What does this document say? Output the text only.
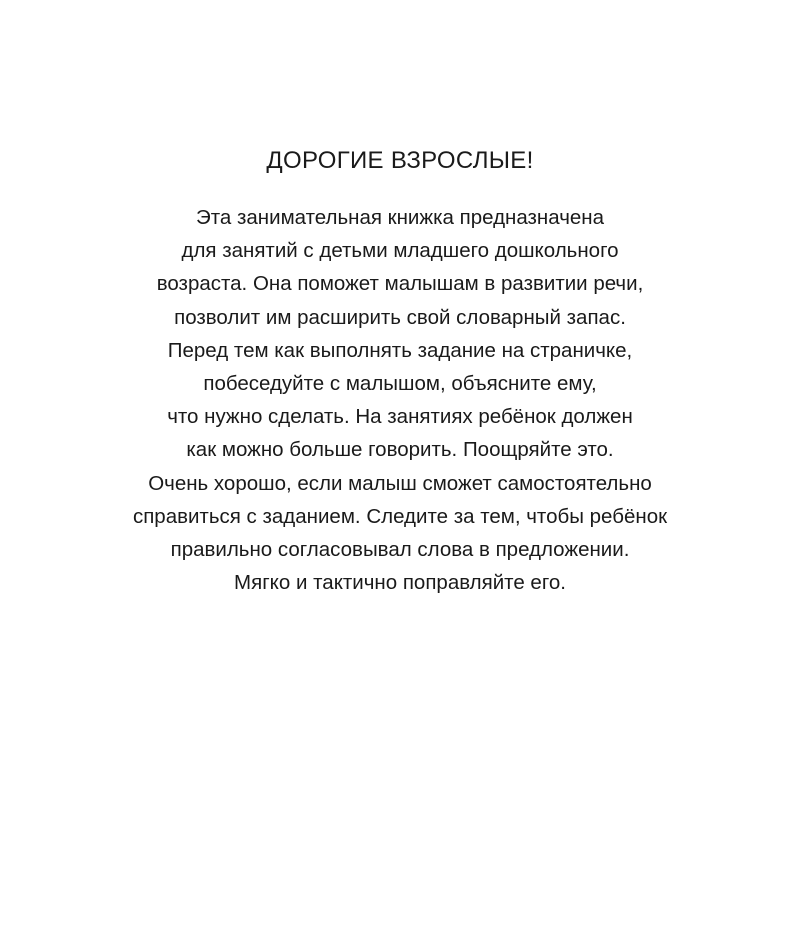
ДОРОГИЕ ВЗРОСЛЫЕ!
Эта занимательная книжка предназначена
для занятий с детьми младшего дошкольного
возраста. Она поможет малышам в развитии речи,
позволит им расширить свой словарный запас.
Перед тем как выполнять задание на страничке,
побеседуйте с малышом, объясните ему,
что нужно сделать. На занятиях ребёнок должен
как можно больше говорить. Поощряйте это.
Очень хорошо, если малыш сможет самостоятельно
справиться с заданием. Следите за тем, чтобы ребёнок
правильно согласовывал слова в предложении.
Мягко и тактично поправляйте его.
